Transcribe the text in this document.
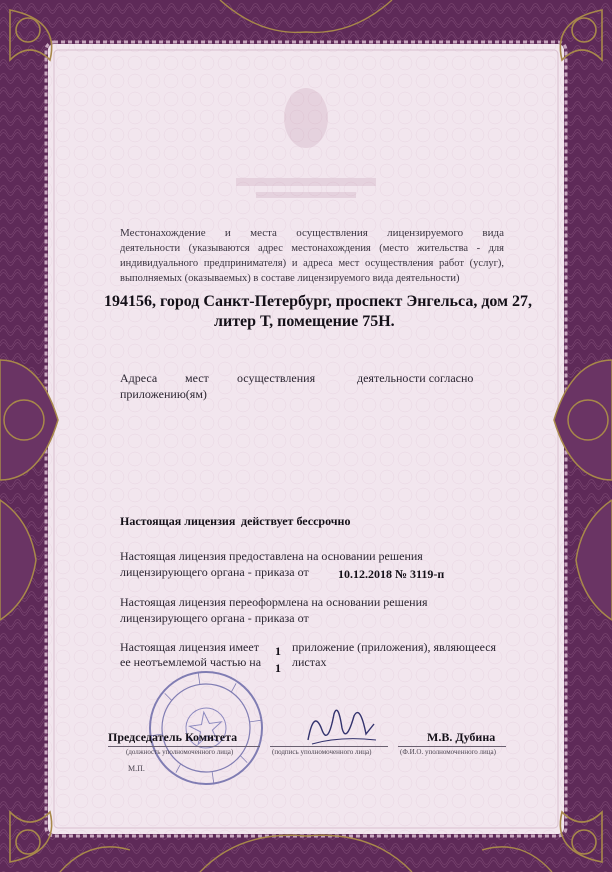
Местонахождение и места осуществления лицензируемого вида
деятельности (указываются адрес местонахождения (место жительства - для
индивидуального предпринимателя) и адреса мест осуществления работ (услуг),
выполняемых (оказываемых) в составе лицензируемого вида деятельности)
194156, город Санкт-Петербург, проспект Энгельса, дом 27,
литер Т, помещение 75Н.
Адреса мест осуществления	деятельности согласно
приложению(ям)
Настоящая лицензия действует бессрочно
Настоящая лицензия предоставлена на основании решения
лицензирующего органа - приказа от 10.12.2018 № 3119-п
Настоящая лицензия переоформлена на основании решения
лицензирующего органа - приказа от
Настоящая лицензия имеет 1 приложение (приложения), являющееся
ее неотъемлемой частью на 1 листах
Председатель Комитета
(должность уполномоченного лица)	(подпись уполномоченного лица)
М.В. Дубина
(Ф.И.О. уполномоченного лица)
М.П.
